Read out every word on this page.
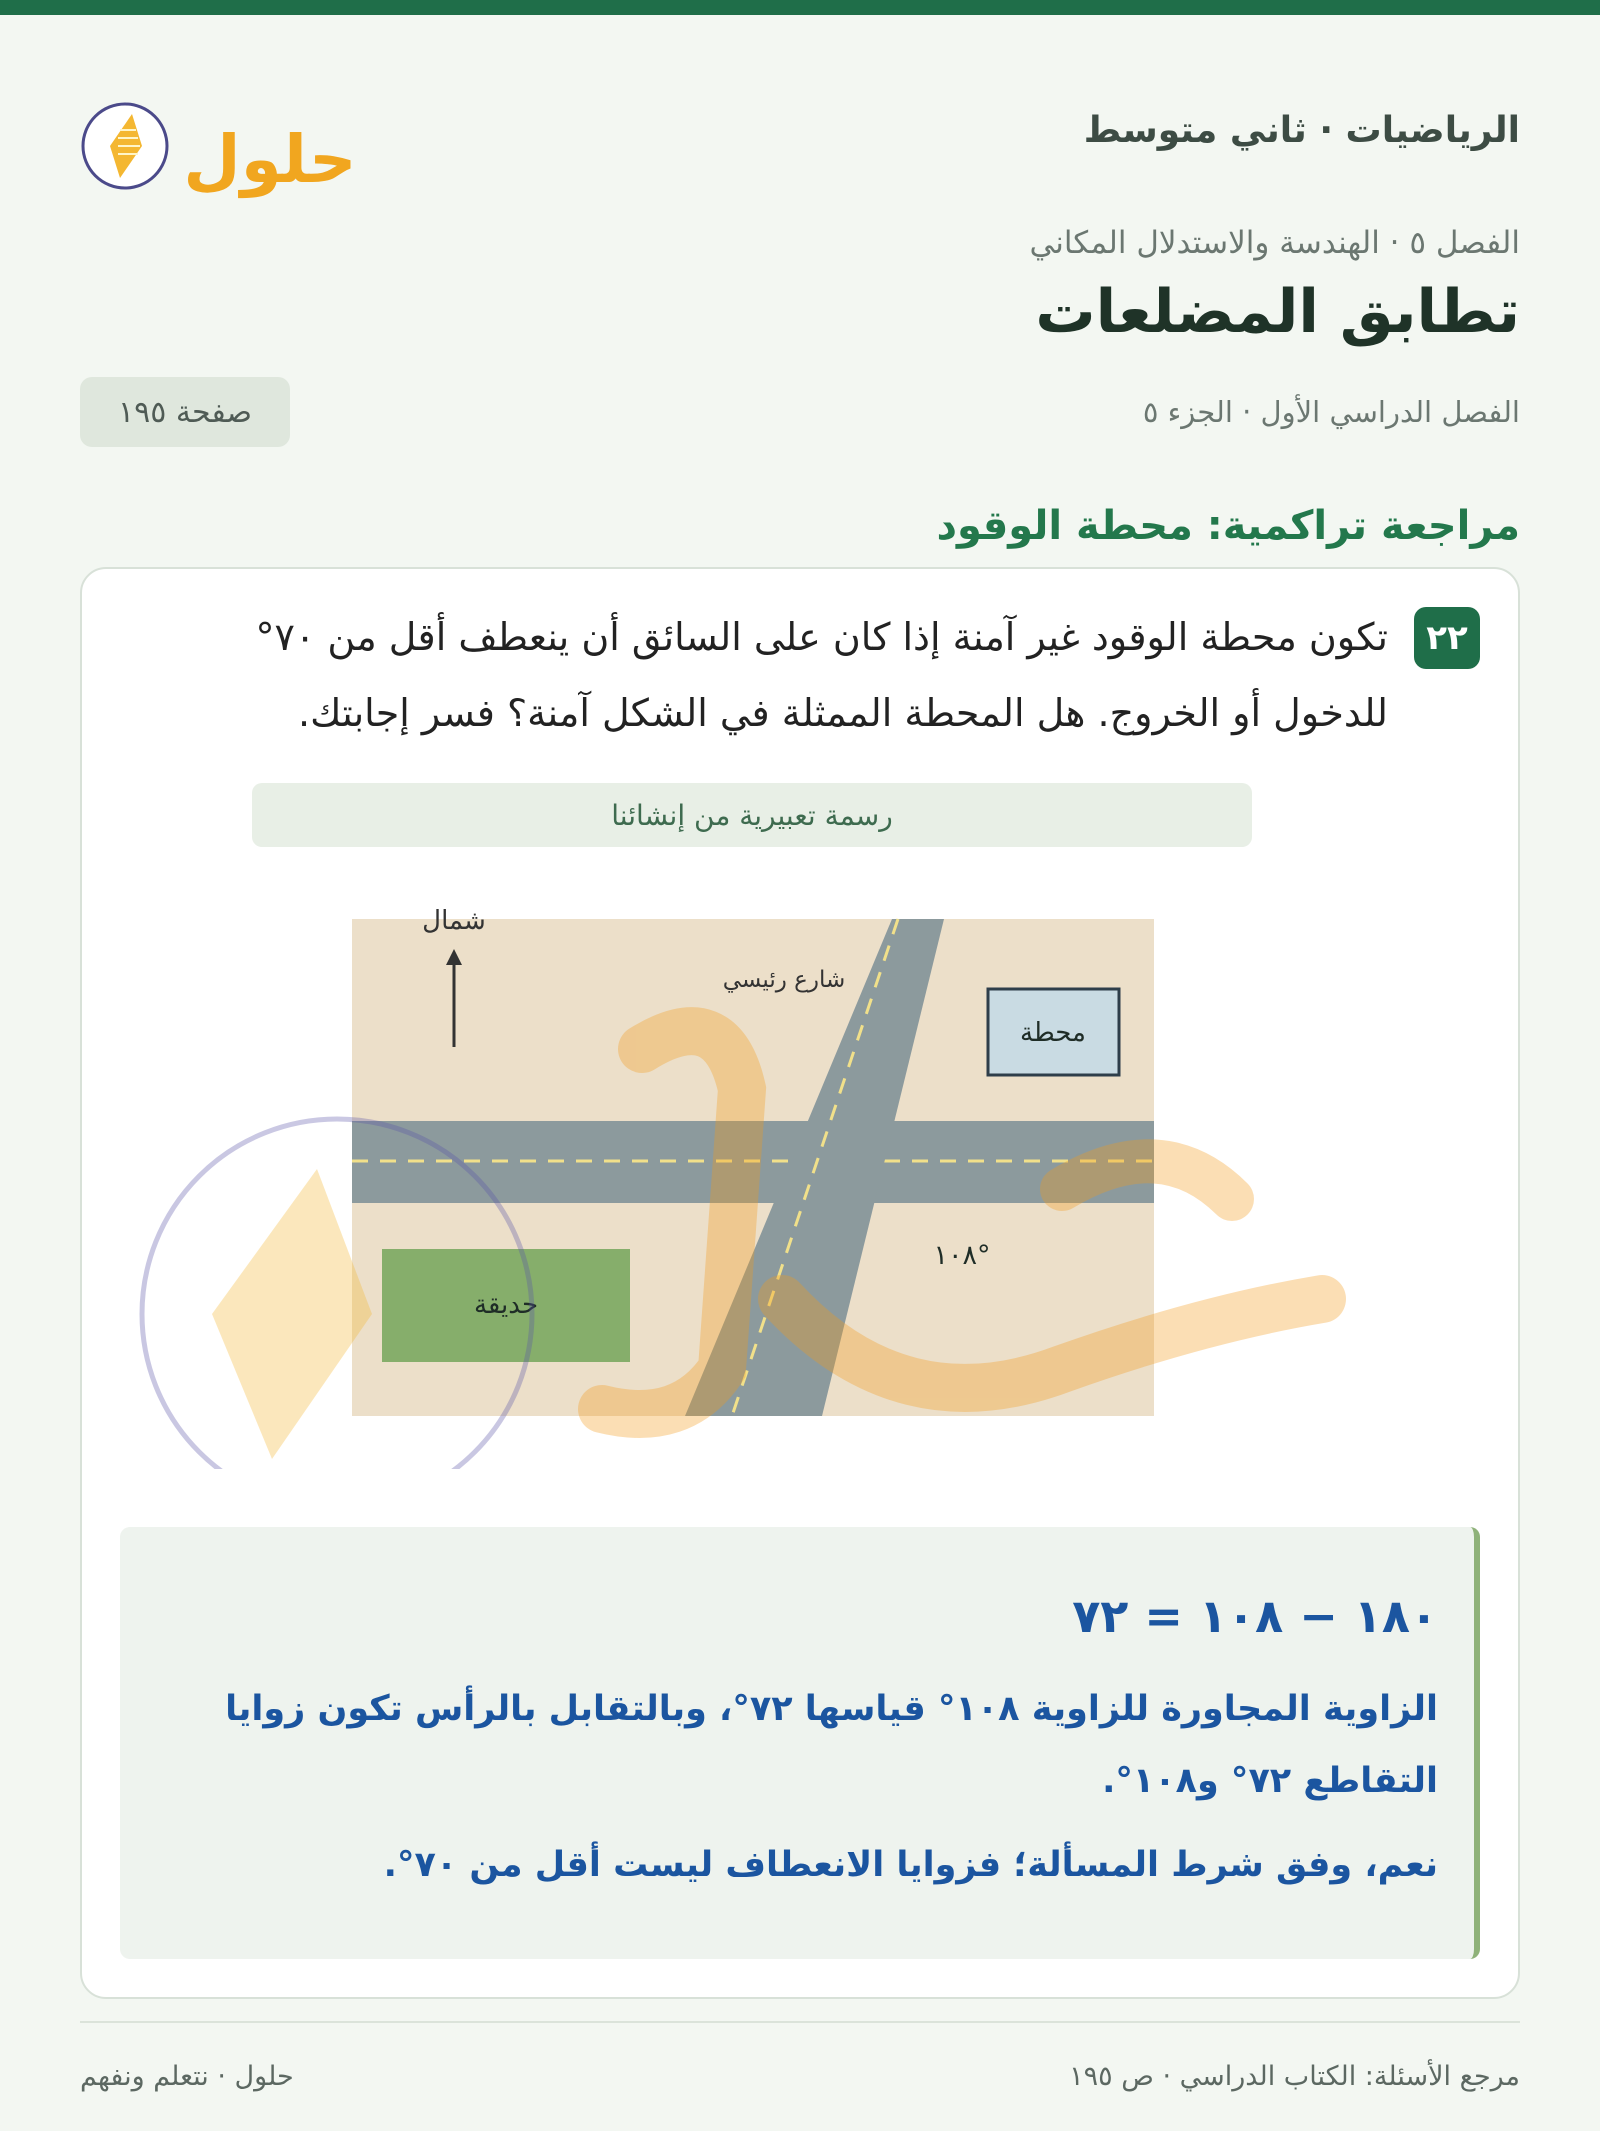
الرياضيات · ثاني متوسط
حلول
الفصل ٥ · الهندسة والاستدلال المكاني
تطابق المضلعات
الفصل الدراسي الأول · الجزء ٥
صفحة ١٩٥
مراجعة تراكمية: محطة الوقود
٢٢
تكون محطة الوقود غير آمنة إذا كان على السائق أن ينعطف أقل من ٧٠° للدخول أو الخروج. هل المحطة الممثلة في الشكل آمنة؟ فسر إجابتك.
رسمة تعبيرية من إنشائنا
حديقة
محطة
شارع رئيسي
١٠٨°
شمال
١٨٠ − ١٠٨ = ٧٢
الزاوية المجاورة للزاوية ١٠٨° قياسها ٧٢°، وبالتقابل بالرأس تكون زوايا التقاطع ٧٢° و١٠٨°.
نعم، وفق شرط المسألة؛ فزوايا الانعطاف ليست أقل من ٧٠°.
مرجع الأسئلة: الكتاب الدراسي · ص ١٩٥
حلول · نتعلم ونفهم
